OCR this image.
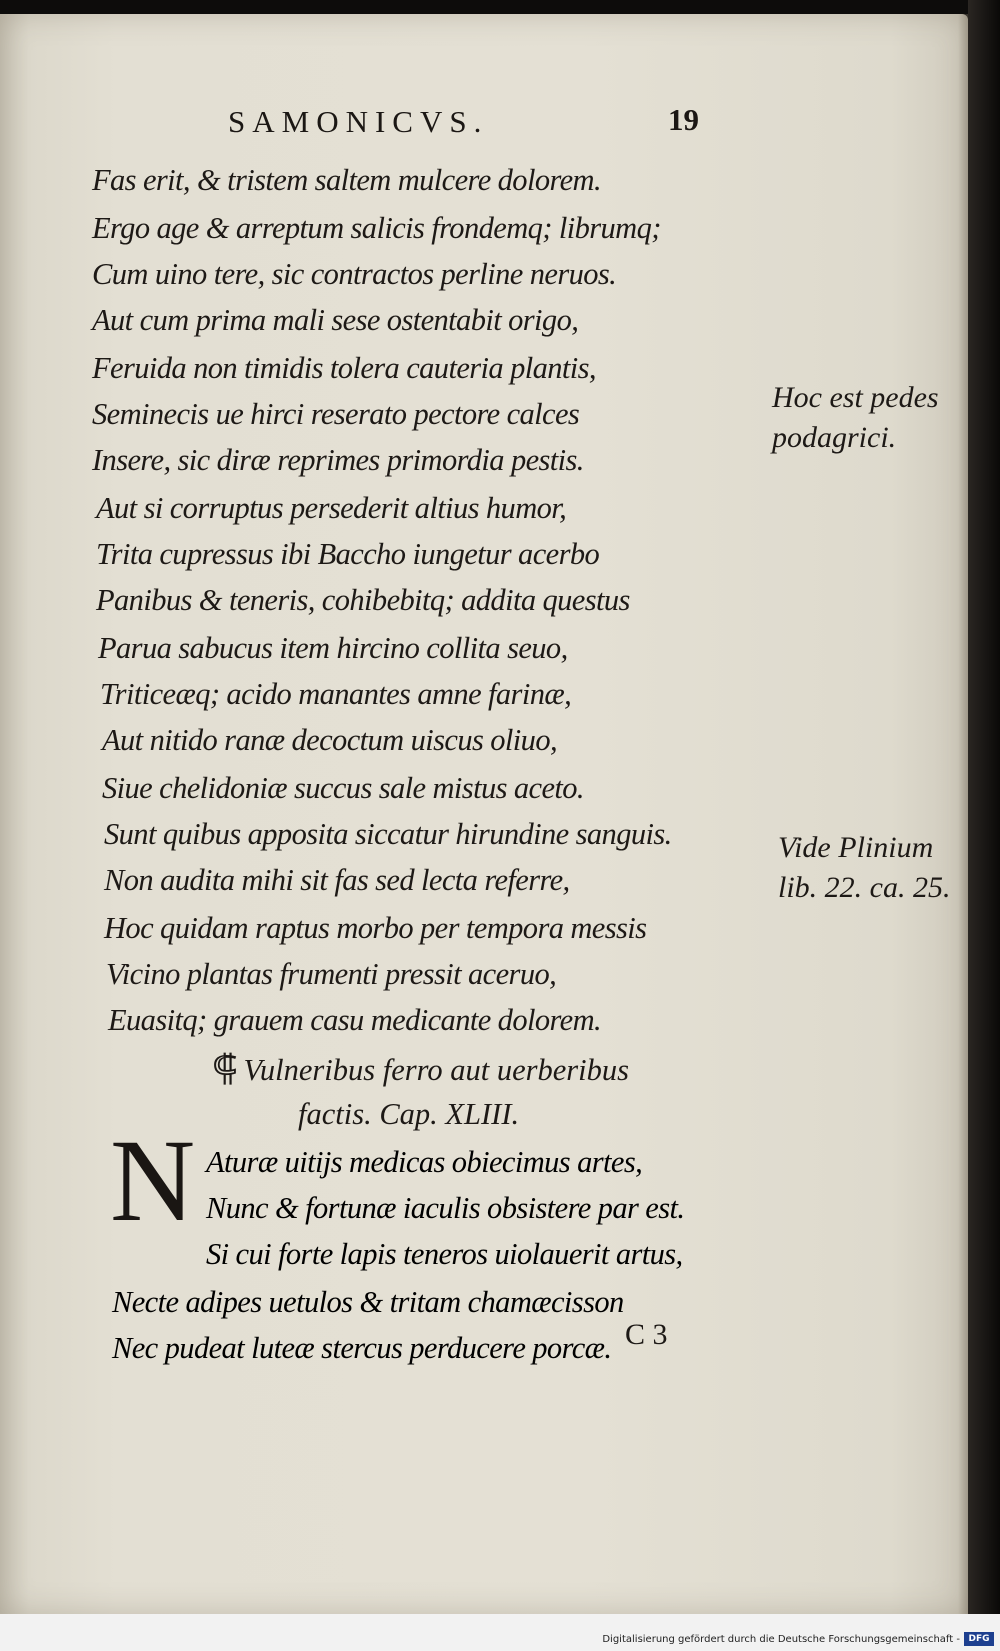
SAMONICVS.	19
Fas erit, & tristem saltem mulcere dolorem.
Ergo age & arreptum salicis frondemq; librumq;
Cum uino tere, sic contractos perline neruos.
Aut cum prima mali sese ostentabit origo,
Feruida non timidis tolera cauteria plantis,
Seminecis ue hirci reserato pectore calces
Insere, sic diræ reprimes primordia pestis.
Aut si corruptus persederit altius humor,
Trita cupressus ibi Baccho iungetur acerbo
Panibus & teneris, cohibebitq; addita questus
Parua sabucus item hircino collita seuo,
Triticeæq; acido manantes amne farinæ,
Aut nitido ranæ decoctum uiscus oliuo,
Siue chelidoniæ succus sale mistus aceto.
Sunt quibus apposita siccatur hirundine sanguis.
Non audita mihi sit fas sed lecta referre,
Hoc quidam raptus morbo per tempora messis
Vicino plantas frumenti pressit aceruo,
Euasitq; grauem casu medicante dolorem.
⸿ Vulneribus ferro aut uerberibus
factis. Cap. XLIII.
N Aturæ uitijs medicas obiecimus artes,
Nunc & fortunæ iaculis obsistere par est.
Si cui forte lapis teneros uiolauerit artus,
Necte adipes uetulos & tritam chamæcisson
Nec pudeat luteæ stercus perducere porcæ.
Hoc est pedes
podagrici.
Vide Plinium
lib. 22. ca. 25.
C 3
Digitalisierung gefördert durch die Deutsche Forschungsgemeinschaft - DFG
